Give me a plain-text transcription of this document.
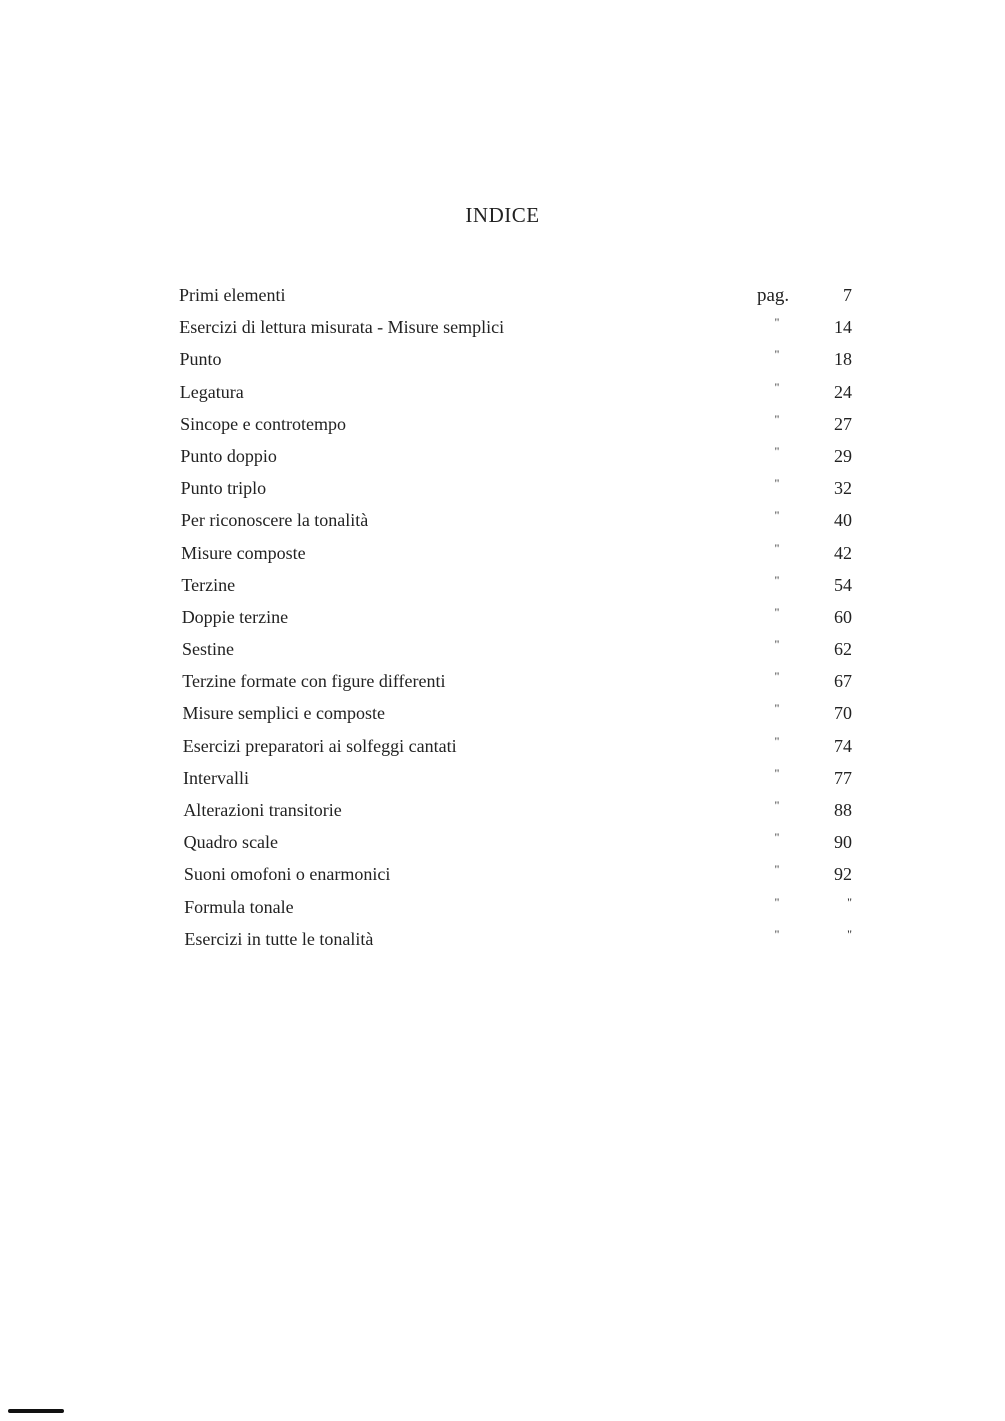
INDICE
Primi elementi	pag.	7
Esercizi di lettura misurata - Misure semplici	"	14
Punto	"	18
Legatura	"	24
Sincope e controtempo	"	27
Punto doppio	"	29
Punto triplo	"	32
Per riconoscere la tonalità	"	40
Misure composte	"	42
Terzine	"	54
Doppie terzine	"	60
Sestine	"	62
Terzine formate con figure differenti	"	67
Misure semplici e composte	"	70
Esercizi preparatori ai solfeggi cantati	"	74
Intervalli	"	77
Alterazioni transitorie	"	88
Quadro scale	"	90
Suoni omofoni o enarmonici	"	92
Formula tonale	"	"
Esercizi in tutte le tonalità	"	"
